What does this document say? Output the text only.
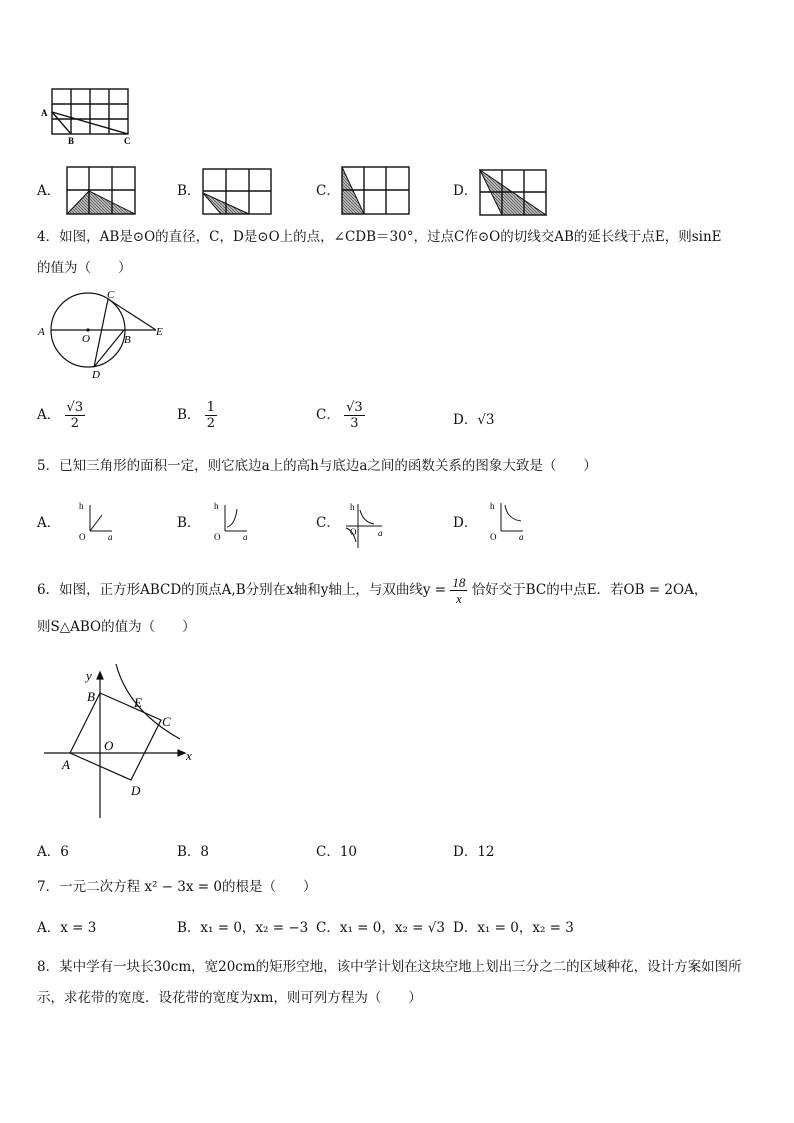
A
B	C
A．	B．	C．	D．
4．如图，AB是⊙O的直径，C，D是⊙O上的点，∠CDB＝30°，过点C作⊙O的切线交AB的延长线于点E，则sinE
的值为（　　）
A
O	B
C
D
E
A． $\frac{√3}{2}$	B． $\frac{1}{2}$	C． $\frac{√3}{3}$	D．√3
5．已知三角形的面积一定，则它底边a上的高h与底边a之间的函数关系的图象大致是（　　）
A．
h
O	a
B．
h
O	a
C．
h
O a
D．
h
O	a
6．如图，正方形ABCD的顶点A,B分别在x轴和y轴上，与双曲线$y = \frac{18}{x}$ 恰好交于BC的中点E．若OB = 2OA，
则S△ABO的值为（　　）
y
B	E
C
O
x
A
D
A．6	B．8	C．10	D．12
7．一元二次方程 x² − 3x = 0的根是（　　）
A．x = 3	B．x₁ = 0，x₂ = −3 C．x₁ = 0，x₂ = √3 D．x₁ = 0，x₂ = 3
8．某中学有一块长30cm，宽20cm的矩形空地，该中学计划在这块空地上划出三分之二的区域种花，设计方案如图所
示，求花带的宽度．设花带的宽度为xm，则可列方程为（　　）
